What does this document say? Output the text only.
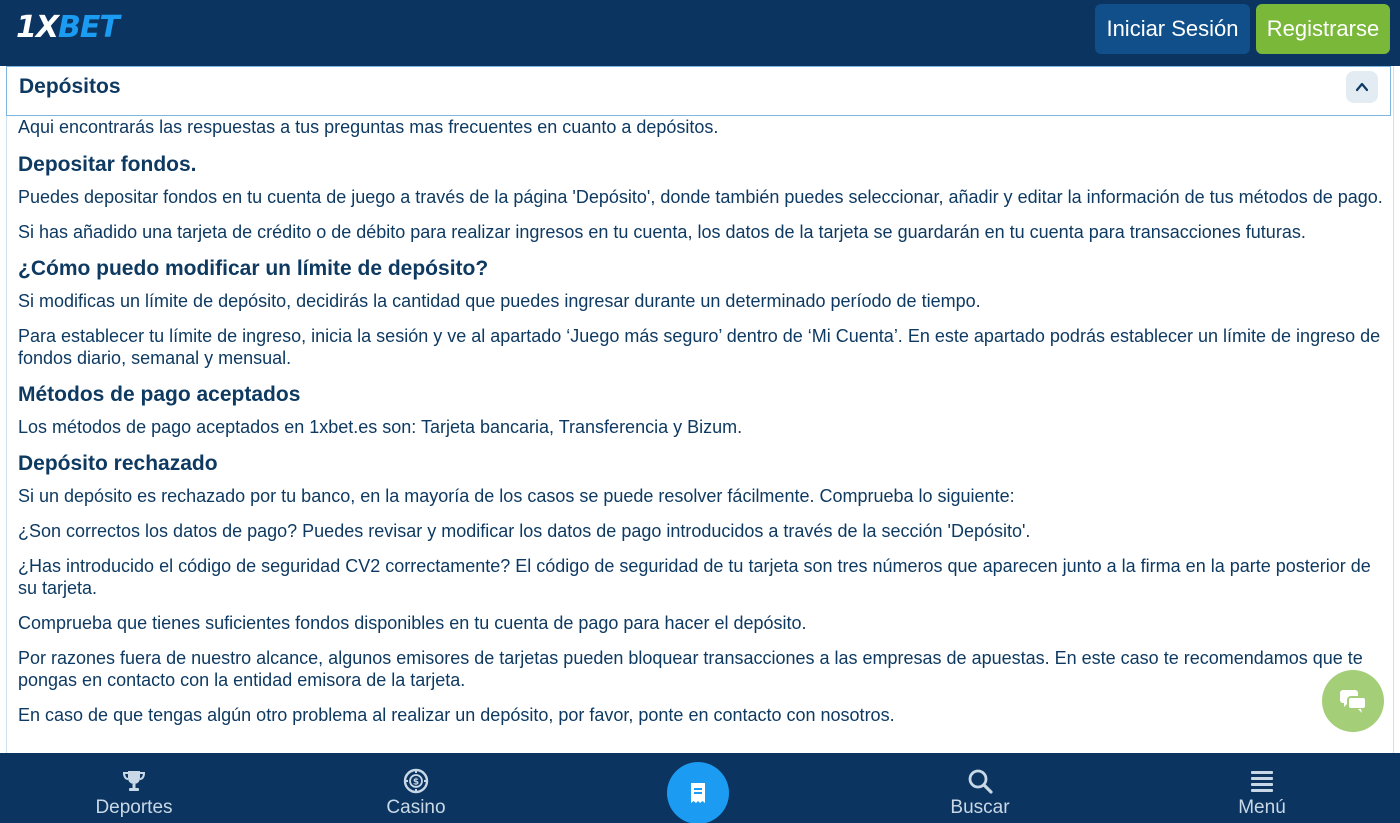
1XBET	Iniciar Sesión	Registrarse
Depósitos

Aqui encontrarás las respuestas a tus preguntas mas frecuentes en cuanto a depósitos.

Depositar fondos.

Puedes depositar fondos en tu cuenta de juego a través de la página 'Depósito', donde también puedes seleccionar, añadir y editar la información de tus métodos de pago.

Si has añadido una tarjeta de crédito o de débito para realizar ingresos en tu cuenta, los datos de la tarjeta se guardarán en tu cuenta para transacciones futuras.

¿Cómo puedo modificar un límite de depósito?

Si modificas un límite de depósito, decidirás la cantidad que puedes ingresar durante un determinado período de tiempo.

Para establecer tu límite de ingreso, inicia la sesión y ve al apartado ‘Juego más seguro’ dentro de ‘Mi Cuenta’. En este apartado podrás establecer un límite de ingreso de fondos diario, semanal y mensual.

Métodos de pago aceptados

Los métodos de pago aceptados en 1xbet.es son: Tarjeta bancaria, Transferencia y Bizum.

Depósito rechazado

Si un depósito es rechazado por tu banco, en la mayoría de los casos se puede resolver fácilmente. Comprueba lo siguiente:

¿Son correctos los datos de pago? Puedes revisar y modificar los datos de pago introducidos a través de la sección 'Depósito'.

¿Has introducido el código de seguridad CV2 correctamente? El código de seguridad de tu tarjeta son tres números que aparecen junto a la firma en la parte posterior de su tarjeta.

Comprueba que tienes suficientes fondos disponibles en tu cuenta de pago para hacer el depósito.

Por razones fuera de nuestro alcance, algunos emisores de tarjetas pueden bloquear transacciones a las empresas de apuestas. En este caso te recomendamos que te pongas en contacto con la entidad emisora de la tarjeta.

En caso de que tengas algún otro problema al realizar un depósito, por favor, ponte en contacto con nosotros.

Deportes
$
Casino	Buscar	Menú
